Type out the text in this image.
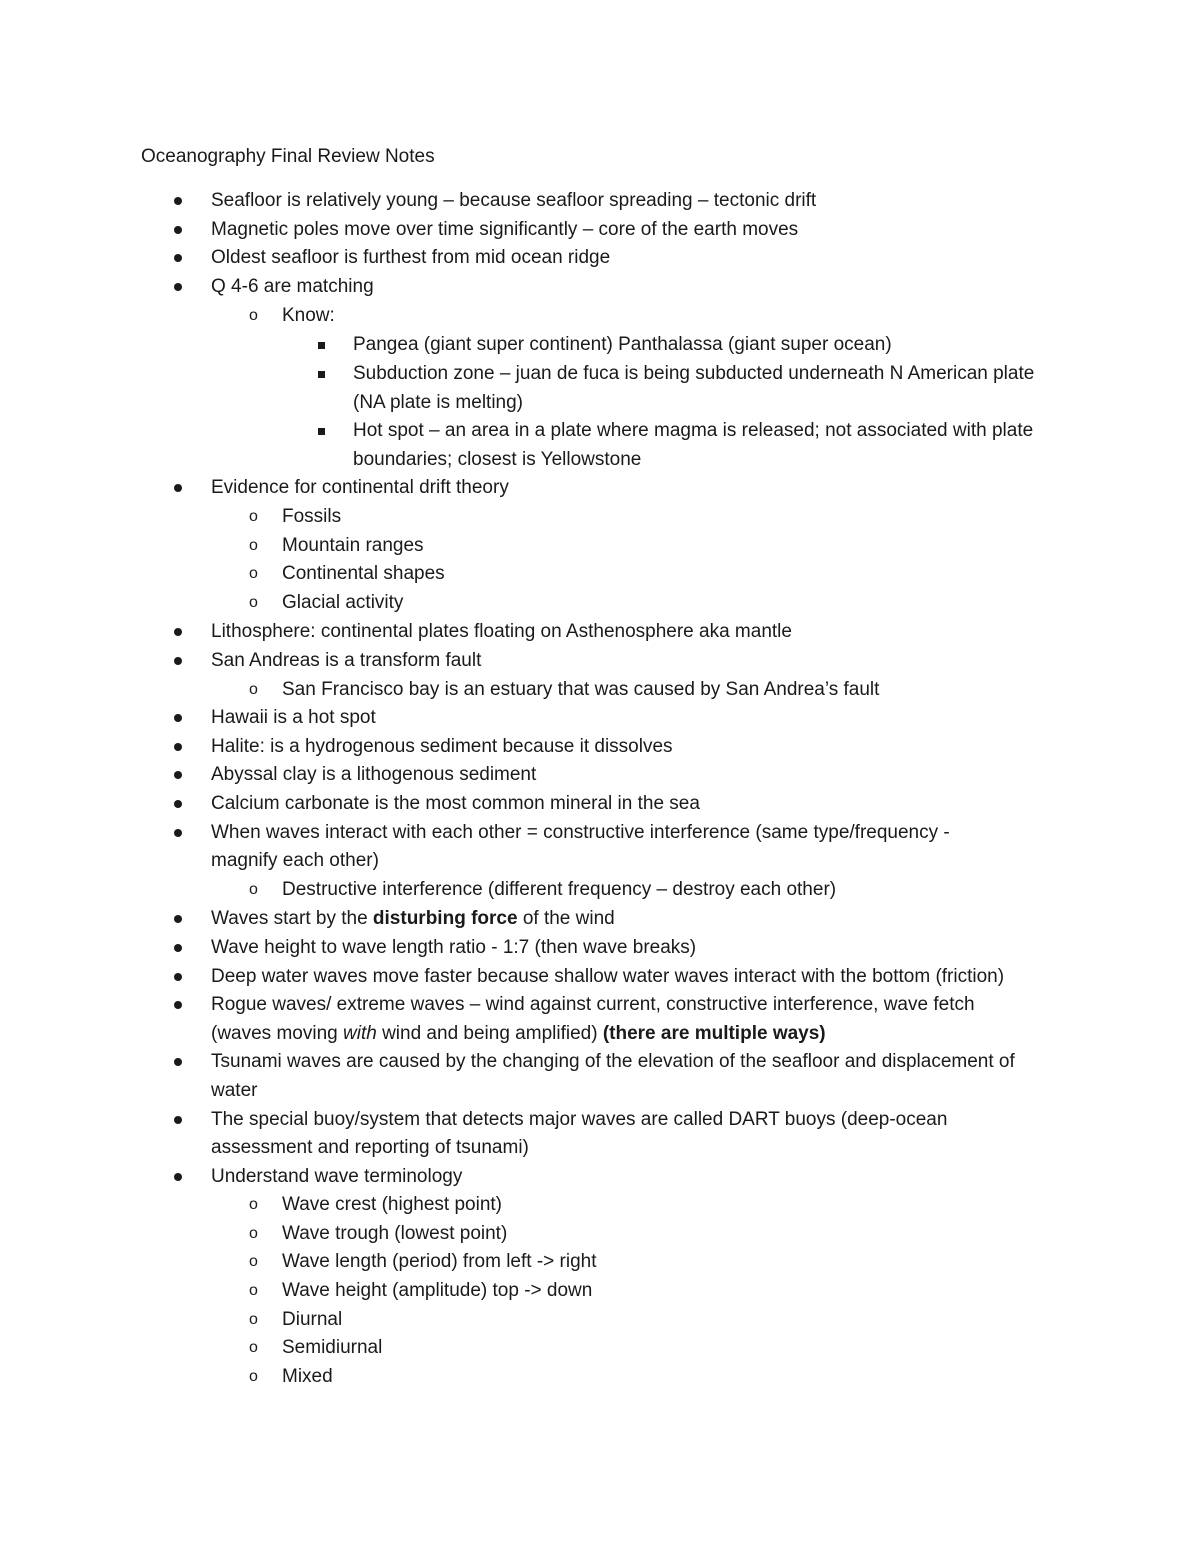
Oceanography Final Review Notes
Seafloor is relatively young – because seafloor spreading – tectonic drift
Magnetic poles move over time significantly – core of the earth moves
Oldest seafloor is furthest from mid ocean ridge
Q 4-6 are matching
o Know:
Pangea (giant super continent) Panthalassa (giant super ocean)
Subduction zone – juan de fuca is being subducted underneath N American plate
(NA plate is melting)
Hot spot – an area in a plate where magma is released; not associated with plate
boundaries; closest is Yellowstone
Evidence for continental drift theory
o Fossils
o Mountain ranges
o Continental shapes
o Glacial activity
Lithosphere: continental plates floating on Asthenosphere aka mantle
San Andreas is a transform fault
o San Francisco bay is an estuary that was caused by San Andrea’s fault
Hawaii is a hot spot
Halite: is a hydrogenous sediment because it dissolves
Abyssal clay is a lithogenous sediment
Calcium carbonate is the most common mineral in the sea
When waves interact with each other = constructive interference (same type/frequency -
magnify each other)
o Destructive interference (different frequency – destroy each other)
Waves start by the disturbing force of the wind
Wave height to wave length ratio - 1:7 (then wave breaks)
Deep water waves move faster because shallow water waves interact with the bottom (friction)
Rogue waves/ extreme waves – wind against current, constructive interference, wave fetch
(waves moving with wind and being amplified) (there are multiple ways)
Tsunami waves are caused by the changing of the elevation of the seafloor and displacement of
water
The special buoy/system that detects major waves are called DART buoys (deep-ocean
assessment and reporting of tsunami)
Understand wave terminology
o Wave crest (highest point)
o Wave trough (lowest point)
o Wave length (period) from left -> right
o Wave height (amplitude) top -> down
o Diurnal
o Semidiurnal
o Mixed
